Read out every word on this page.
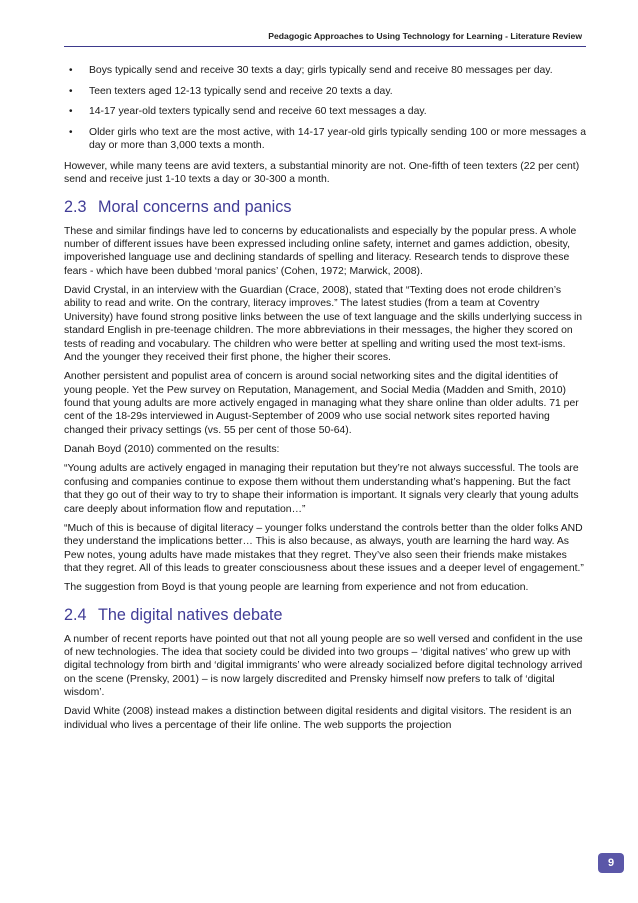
Pedagogic Approaches to Using Technology for Learning - Literature Review
• Boys typically send and receive 30 texts a day; girls typically send and receive 80 messages per day.
• Teen texters aged 12-13 typically send and receive 20 texts a day.
• 14-17 year-old texters typically send and receive 60 text messages a day.
• Older girls who text are the most active, with 14-17 year-old girls typically sending 100 or more messages a day or more than 3,000 texts a month.

However, while many teens are avid texters, a substantial minority are not. One-fifth of teen texters (22 per cent) send and receive just 1-10 texts a day or 30-300 a month.

2.3 Moral concerns and panics

These and similar findings have led to concerns by educationalists and especially by the popular press. A whole number of different issues have been expressed including online safety, internet and games addiction, obesity, impoverished language use and declining standards of spelling and literacy. Research tends to disprove these fears - which have been dubbed ‘moral panics’ (Cohen, 1972; Marwick, 2008).

David Crystal, in an interview with the Guardian (Crace, 2008), stated that “Texting does not erode children’s ability to read and write. On the contrary, literacy improves.” The latest studies (from a team at Coventry University) have found strong positive links between the use of text language and the skills underlying success in standard English in pre-teenage children. The more abbreviations in their messages, the higher they scored on tests of reading and vocabulary. The children who were better at spelling and writing used the most text-isms. And the younger they received their first phone, the higher their scores.

Another persistent and populist area of concern is around social networking sites and the digital identities of young people. Yet the Pew survey on Reputation, Management, and Social Media (Madden and Smith, 2010) found that young adults are more actively engaged in managing what they share online than older adults. 71 per cent of the 18-29s interviewed in August-September of 2009 who use social network sites reported having changed their privacy settings (vs. 55 per cent of those 50-64).

Danah Boyd (2010) commented on the results:

“Young adults are actively engaged in managing their reputation but they’re not always successful. The tools are confusing and companies continue to expose them without them understanding what’s happening. But the fact that they go out of their way to try to shape their information is important. It signals very clearly that young adults care deeply about information flow and reputation…”

“Much of this is because of digital literacy – younger folks understand the controls better than the older folks AND they understand the implications better… This is also because, as always, youth are learning the hard way. As Pew notes, young adults have made mistakes that they regret. They’ve also seen their friends make mistakes that they regret. All of this leads to greater consciousness about these issues and a deeper level of engagement.”

The suggestion from Boyd is that young people are learning from experience and not from education.

2.4 The digital natives debate

A number of recent reports have pointed out that not all young people are so well versed and confident in the use of new technologies. The idea that society could be divided into two groups – ‘digital natives’ who grew up with digital technology from birth and ‘digital immigrants’ who were already socialized before digital technology arrived on the scene (Prensky, 2001) – is now largely discredited and Prensky himself now prefers to talk of ‘digital wisdom’.

David White (2008) instead makes a distinction between digital residents and digital visitors. The resident is an individual who lives a percentage of their life online. The web supports the projection

9
